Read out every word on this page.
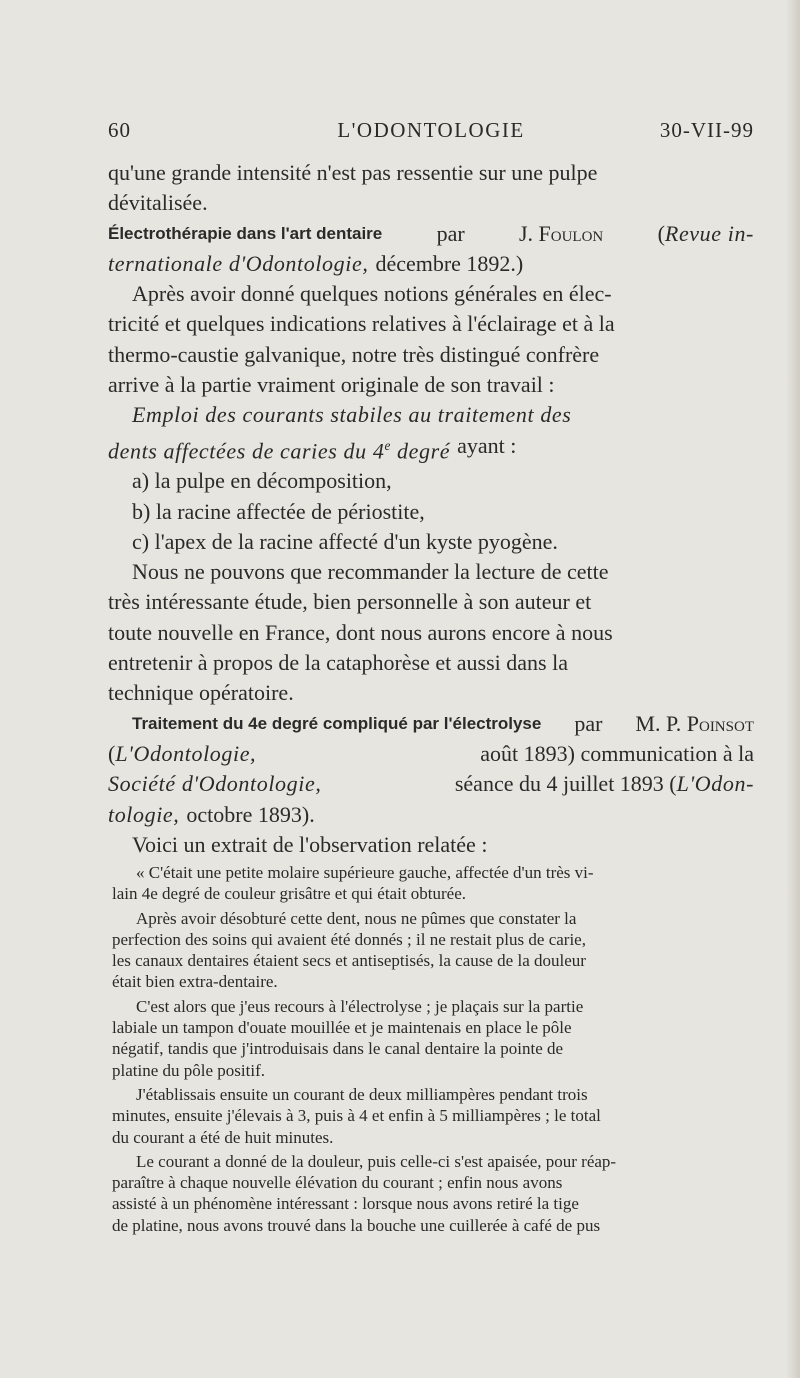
60	L'ODONTOLOGIE	30-VII-99
qu'une grande intensité n'est pas ressentie sur une pulpe
dévitalisée.
Électrothérapie dans l'art dentaire par J. Foulon (Revue in-
ternationale d'Odontologie, décembre 1892.)
Après avoir donné quelques notions générales en élec-
tricité et quelques indications relatives à l'éclairage et à la
thermo-caustie galvanique, notre très distingué confrère
arrive à la partie vraiment originale de son travail :
Emploi des courants stabiles au traitement des
dents affectées de caries du 4e degré ayant :
a) la pulpe en décomposition,
b) la racine affectée de périostite,
c) l'apex de la racine affecté d'un kyste pyogène.
Nous ne pouvons que recommander la lecture de cette
très intéressante étude, bien personnelle à son auteur et
toute nouvelle en France, dont nous aurons encore à nous
entretenir à propos de la cataphorèse et aussi dans la
technique opératoire.
Traitement du 4e degré compliqué par l'électrolyse par M. P. Poinsot
(L'Odontologie,	août 1893) communication à la
Société d'Odontologie,	séance du 4 juillet 1893 (L'Odon-
tologie, octobre 1893).
Voici un extrait de l'observation relatée :
« C'était une petite molaire supérieure gauche, affectée d'un très vi-
lain 4e degré de couleur grisâtre et qui était obturée.
Après avoir désobturé cette dent, nous ne pûmes que constater la
perfection des soins qui avaient été donnés ; il ne restait plus de carie,
les canaux dentaires étaient secs et antiseptisés, la cause de la douleur
était bien extra-dentaire.
C'est alors que j'eus recours à l'électrolyse ; je plaçais sur la partie
labiale un tampon d'ouate mouillée et je maintenais en place le pôle
négatif, tandis que j'introduisais dans le canal dentaire la pointe de
platine du pôle positif.
J'établissais ensuite un courant de deux milliampères pendant trois
minutes, ensuite j'élevais à 3, puis à 4 et enfin à 5 milliampères ; le total
du courant a été de huit minutes.
Le courant a donné de la douleur, puis celle-ci s'est apaisée, pour réap-
paraître à chaque nouvelle élévation du courant ; enfin nous avons
assisté à un phénomène intéressant : lorsque nous avons retiré la tige
de platine, nous avons trouvé dans la bouche une cuillerée à café de pus
